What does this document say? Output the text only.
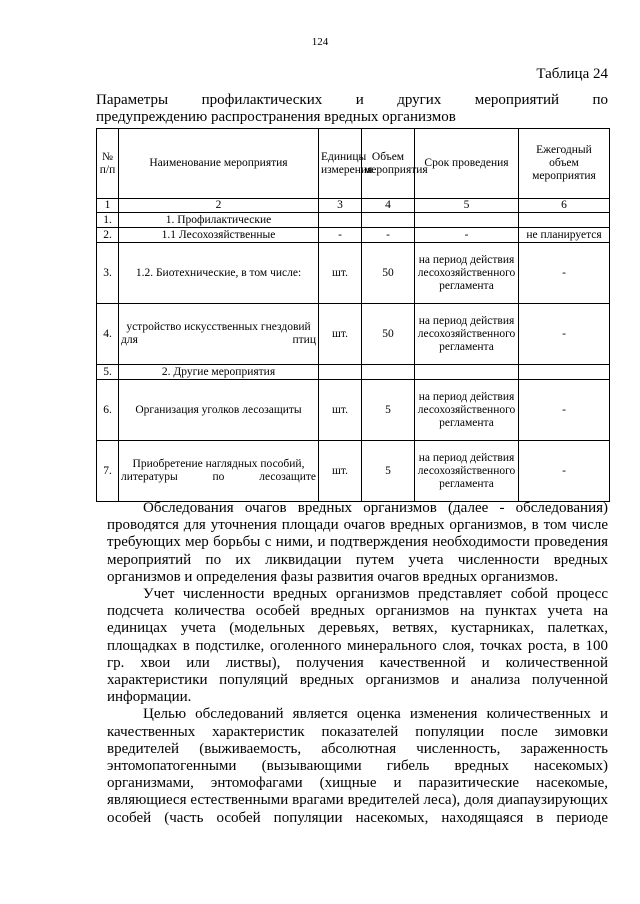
124
Таблица 24
Параметры профилактических и других мероприятий по
предупреждению распространения вредных организмов
№ п/п	Наименование мероприятия	Единицы измерения	Объем мероприятия	Срок проведения	Ежегодный объем мероприятия
1	2	3	4	5	6
1.	1. Профилактические				
2.	1.1 Лесохозяйственные	-	-	-	не планируется
3.	1.2. Биотехнические, в том числе:	шт.	50	на период действия лесохозяйственного регламента	-
4.	устройство искусственных гнездовий для птиц	шт.	50	на период действия лесохозяйственного регламента	-
5.	2. Другие мероприятия				
6.	Организация уголков лесозащиты	шт.	5	на период действия лесохозяйственного регламента	-
7.	Приобретение наглядных пособий, литературы по лесозащите	шт.	5	на период действия лесохозяйственного регламента	-

Обследования очагов вредных организмов (далее - обследования) проводятся для уточнения площади очагов вредных организмов, в том числе требующих мер борьбы с ними, и подтверждения необходимости проведения мероприятий по их ликвидации путем учета численности вредных организмов и определения фазы развития очагов вредных организмов.

Учет численности вредных организмов представляет собой процесс подсчета количества особей вредных организмов на пунктах учета на единицах учета (модельных деревьях, ветвях, кустарниках, палетках, площадках в подстилке, оголенного минерального слоя, точках роста, в 100 гр. хвои или листвы), получения качественной и количественной характеристики популяций вредных организмов и анализа полученной информации.

Целью обследований является оценка изменения количественных и качественных характеристик показателей популяции после зимовки вредителей (выживаемость, абсолютная численность, зараженность энтомопатогенными (вызывающими гибель вредных насекомых) организмами, энтомофагами (хищные и паразитические насекомые, являющиеся естественными врагами вредителей леса), доля диапаузирующих особей (часть особей популяции насекомых, находящаяся в периоде
